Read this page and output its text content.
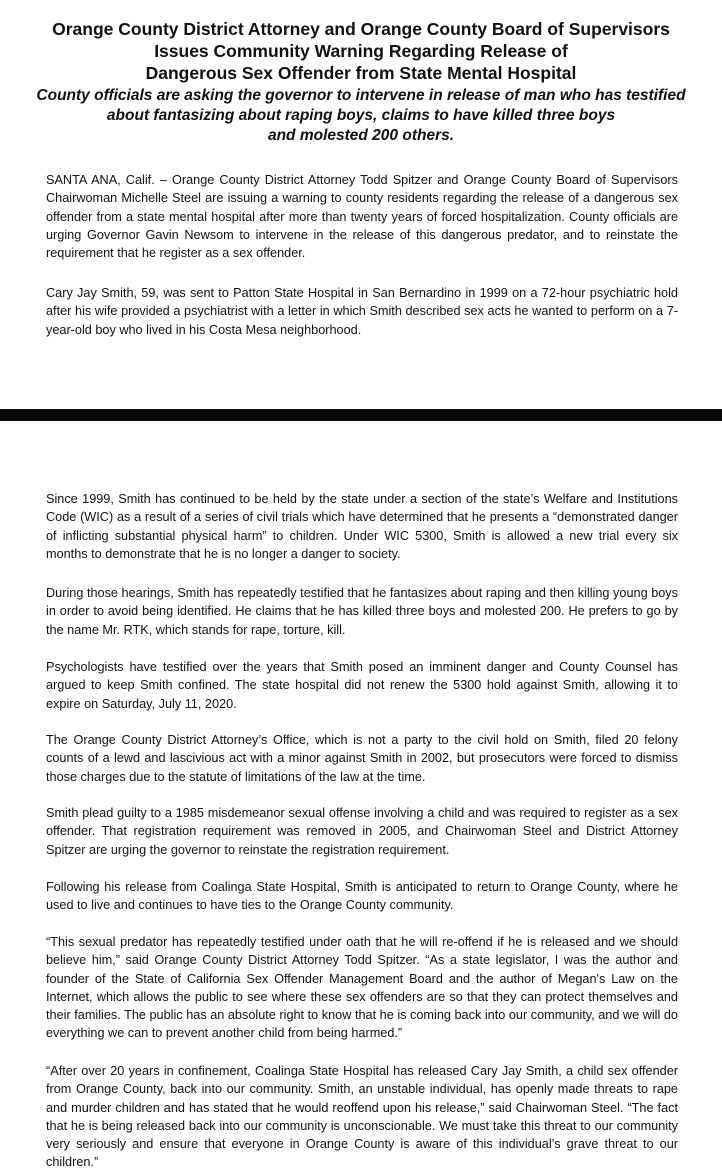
Orange County District Attorney and Orange County Board of Supervisors
Issues Community Warning Regarding Release of
Dangerous Sex Offender from State Mental Hospital

County officials are asking the governor to intervene in release of man who has testified
about fantasizing about raping boys, claims to have killed three boys
and molested 200 others.

SANTA ANA, Calif. – Orange County District Attorney Todd Spitzer and Orange County Board of Supervisors Chairwoman Michelle Steel are issuing a warning to county residents regarding the release of a dangerous sex offender from a state mental hospital after more than twenty years of forced hospitalization. County officials are urging Governor Gavin Newsom to intervene in the release of this dangerous predator, and to reinstate the requirement that he register as a sex offender.

Cary Jay Smith, 59, was sent to Patton State Hospital in San Bernardino in 1999 on a 72-hour psychiatric hold after his wife provided a psychiatrist with a letter in which Smith described sex acts he wanted to perform on a 7-year-old boy who lived in his Costa Mesa neighborhood.

Since 1999, Smith has continued to be held by the state under a section of the state’s Welfare and Institutions Code (WIC) as a result of a series of civil trials which have determined that he presents a “demonstrated danger of inflicting substantial physical harm” to children. Under WIC 5300, Smith is allowed a new trial every six months to demonstrate that he is no longer a danger to society.

During those hearings, Smith has repeatedly testified that he fantasizes about raping and then killing young boys in order to avoid being identified. He claims that he has killed three boys and molested 200. He prefers to go by the name Mr. RTK, which stands for rape, torture, kill.

Psychologists have testified over the years that Smith posed an imminent danger and County Counsel has argued to keep Smith confined. The state hospital did not renew the 5300 hold against Smith, allowing it to expire on Saturday, July 11, 2020.

The Orange County District Attorney’s Office, which is not a party to the civil hold on Smith, filed 20 felony counts of a lewd and lascivious act with a minor against Smith in 2002, but prosecutors were forced to dismiss those charges due to the statute of limitations of the law at the time.

Smith plead guilty to a 1985 misdemeanor sexual offense involving a child and was required to register as a sex offender. That registration requirement was removed in 2005, and Chairwoman Steel and District Attorney Spitzer are urging the governor to reinstate the registration requirement.

Following his release from Coalinga State Hospital, Smith is anticipated to return to Orange County, where he used to live and continues to have ties to the Orange County community.

“This sexual predator has repeatedly testified under oath that he will re-offend if he is released and we should believe him,” said Orange County District Attorney Todd Spitzer. “As a state legislator, I was the author and founder of the State of California Sex Offender Management Board and the author of Megan's Law on the Internet, which allows the public to see where these sex offenders are so that they can protect themselves and their families. The public has an absolute right to know that he is coming back into our community, and we will do everything we can to prevent another child from being harmed.”

“After over 20 years in confinement, Coalinga State Hospital has released Cary Jay Smith, a child sex offender from Orange County, back into our community. Smith, an unstable individual, has openly made threats to rape and murder children and has stated that he would reoffend upon his release,” said Chairwoman Steel. “The fact that he is being released back into our community is unconscionable. We must take this threat to our community very seriously and ensure that everyone in Orange County is aware of this individual’s grave threat to our children.”
